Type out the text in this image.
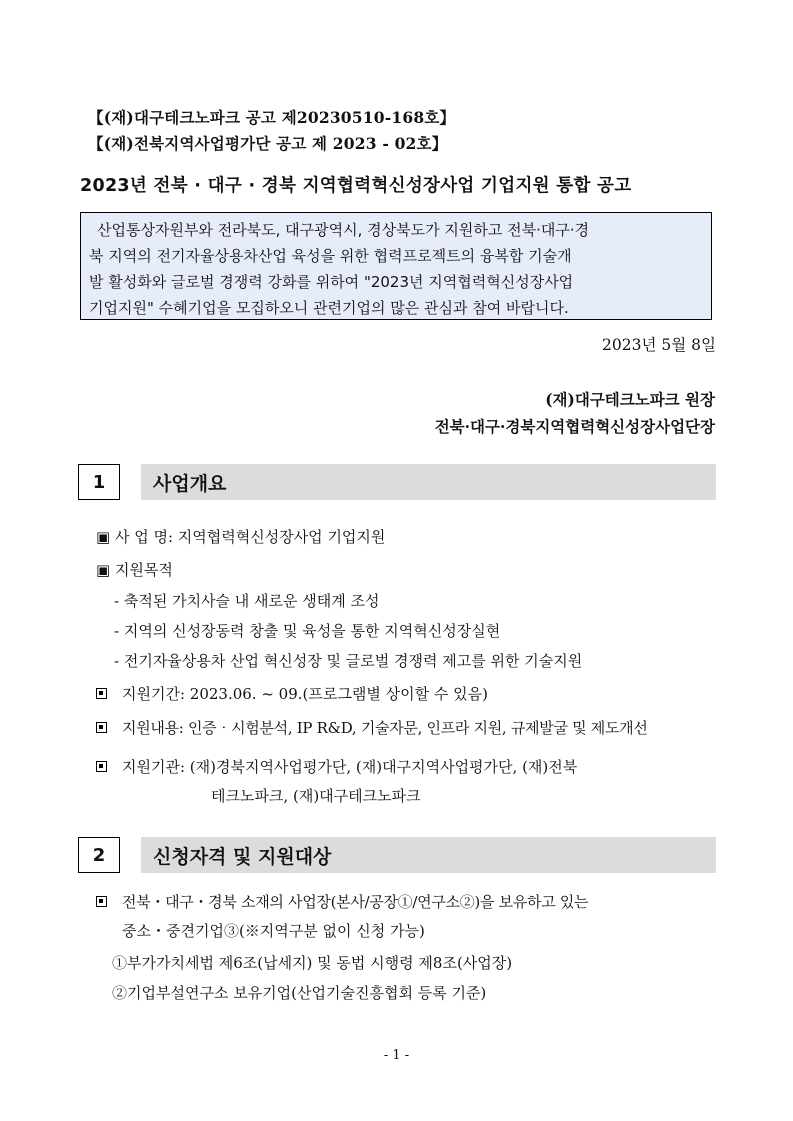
【(재)대구테크노파크 공고 제20230510-168호】
【(재)전북지역사업평가단 공고 제 2023 - 02호】
2023년 전북 · 대구 · 경북 지역협력혁신성장사업 기업지원 통합 공고
산업통상자원부와 전라북도, 대구광역시, 경상북도가 지원하고 전북·대구·경
북 지역의 전기자율상용차산업 육성을 위한 협력프로젝트의 융복합 기술개
발 활성화와 글로벌 경쟁력 강화를 위하여 "2023년 지역협력혁신성장사업
기업지원" 수혜기업을 모집하오니 관련기업의 많은 관심과 참여 바랍니다.
2023년 5월 8일
(재)대구테크노파크 원장
전북·대구·경북지역협력혁신성장사업단장
1	사업개요
▣ 사 업 명: 지역협력혁신성장사업 기업지원
▣ 지원목적
- 축적된 가치사슬 내 새로운 생태계 조성
- 지역의 신성장동력 창출 및 육성을 통한 지역혁신성장실현
- 전기자율상용차 산업 혁신성장 및 글로벌 경쟁력 제고를 위한 기술지원
지원기간: 2023.06. ~ 09.(프로그램별 상이할 수 있음)
지원내용: 인증‧시험분석, IP R&D, 기술자문, 인프라 지원, 규제발굴 및 제도개선
지원기관: (재)경북지역사업평가단, (재)대구지역사업평가단, (재)전북
테크노파크, (재)대구테크노파크
2	신청자격 및 지원대상
전북・대구・경북 소재의 사업장(본사/공장①/연구소②)을 보유하고 있는
중소・중견기업③(※지역구분 없이 신청 가능)
①부가가치세법 제6조(납세지) 및 동법 시행령 제8조(사업장)
②기업부설연구소 보유기업(산업기술진흥협회 등록 기준)
- 1 -
